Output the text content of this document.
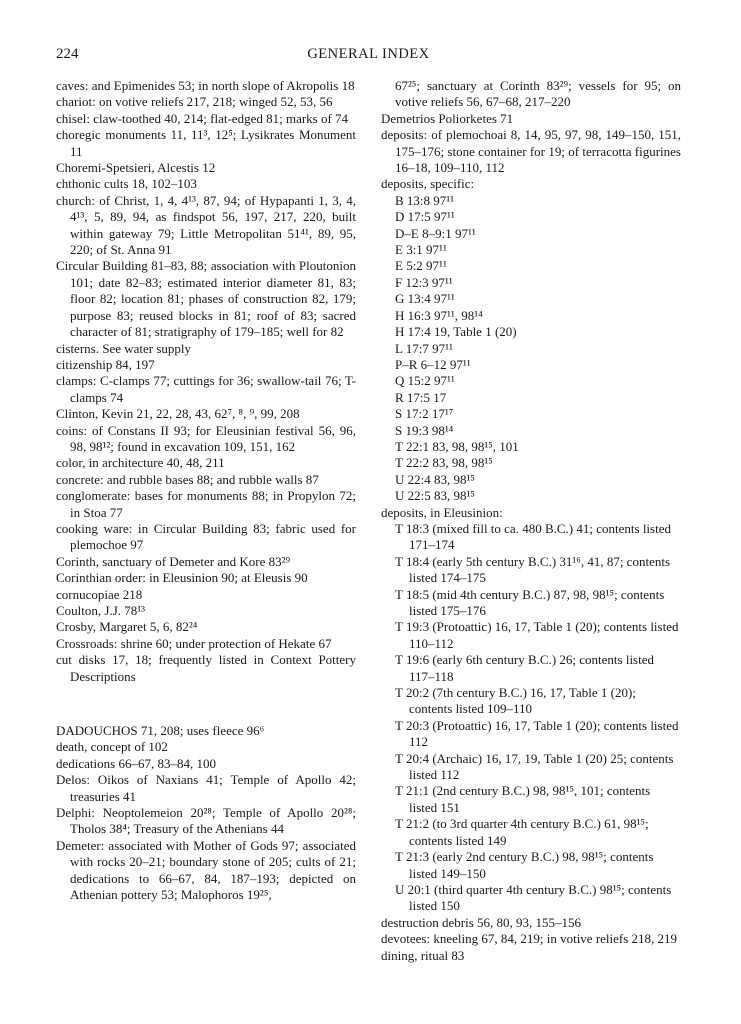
224	GENERAL INDEX

caves: and Epimenides 53; in north slope of Akropolis 18

chariot: on votive reliefs 217, 218; winged 52, 53, 56

chisel: claw-toothed 40, 214; flat-edged 81; marks of 74

choregic monuments 11, 11³, 12⁵; Lysikrates Monument 11

Choremi-Spetsieri, Alcestis 12

chthonic cults 18, 102–103

church: of Christ, 1, 4, 4¹³, 87, 94; of Hypapanti 1, 3, 4, 4¹³, 5, 89, 94, as findspot 56, 197, 217, 220, built within gateway 79; Little Metropolitan 51⁴¹, 89, 95, 220; of St. Anna 91

Circular Building 81–83, 88; association with Ploutonion 101; date 82–83; estimated interior diameter 81, 83; floor 82; location 81; phases of construction 82, 179; purpose 83; reused blocks in 81; roof of 83; sacred character of 81; stratigraphy of 179–185; well for 82

cisterns. See water supply

citizenship 84, 197

clamps: C-clamps 77; cuttings for 36; swallow-tail 76; T-clamps 74

Clinton, Kevin 21, 22, 28, 43, 62⁷, ⁸, ⁹, 99, 208

coins: of Constans II 93; for Eleusinian festival 56, 96, 98, 98¹²; found in excavation 109, 151, 162

color, in architecture 40, 48, 211

concrete: and rubble bases 88; and rubble walls 87

conglomerate: bases for monuments 88; in Propylon 72; in Stoa 77

cooking ware: in Circular Building 83; fabric used for plemochoe 97

Corinth, sanctuary of Demeter and Kore 83²⁹

Corinthian order: in Eleusinion 90; at Eleusis 90

cornucopiae 218

Coulton, J.J. 78¹³

Crosby, Margaret 5, 6, 82²⁴

Crossroads: shrine 60; under protection of Hekate 67

cut disks 17, 18; frequently listed in Context Pottery Descriptions

DADOUCHOS 71, 208; uses fleece 96⁶

death, concept of 102

dedications 66–67, 83–84, 100

Delos: Oikos of Naxians 41; Temple of Apollo 42; treasuries 41

Delphi: Neoptolemeion 20²⁸; Temple of Apollo 20²⁸; Tholos 38⁴; Treasury of the Athenians 44

Demeter: associated with Mother of Gods 97; associated with rocks 20–21; boundary stone of 205; cults of 21; dedications to 66–67, 84, 187–193; depicted on Athenian pottery 53; Malophoros 19²⁵,

67²⁵; sanctuary at Corinth 83²⁹; vessels for 95; on votive reliefs 56, 67–68, 217–220

Demetrios Poliorketes 71

deposits: of plemochoai 8, 14, 95, 97, 98, 149–150, 151, 175–176; stone container for 19; of terracotta figurines 16–18, 109–110, 112

deposits, specific:

B 13:8 97¹¹

D 17:5 97¹¹

D–E 8–9:1 97¹¹

E 3:1 97¹¹

E 5:2 97¹¹

F 12:3 97¹¹

G 13:4 97¹¹

H 16:3 97¹¹, 98¹⁴

H 17:4 19, Table 1 (20)

L 17:7 97¹¹

P–R 6–12 97¹¹

Q 15:2 97¹¹

R 17:5 17

S 17:2 17¹⁷

S 19:3 98¹⁴

T 22:1 83, 98, 98¹⁵, 101

T 22:2 83, 98, 98¹⁵

U 22:4 83, 98¹⁵

U 22:5 83, 98¹⁵

deposits, in Eleusinion:

T 18:3 (mixed fill to ca. 480 B.C.) 41; contents listed 171–174

T 18:4 (early 5th century B.C.) 31¹⁶, 41, 87; contents listed 174–175

T 18:5 (mid 4th century B.C.) 87, 98, 98¹⁵; contents listed 175–176

T 19:3 (Protoattic) 16, 17, Table 1 (20); contents listed 110–112

T 19:6 (early 6th century B.C.) 26; contents listed 117–118

T 20:2 (7th century B.C.) 16, 17, Table 1 (20); contents listed 109–110

T 20:3 (Protoattic) 16, 17, Table 1 (20); contents listed 112

T 20:4 (Archaic) 16, 17, 19, Table 1 (20) 25; contents listed 112

T 21:1 (2nd century B.C.) 98, 98¹⁵, 101; contents listed 151

T 21:2 (to 3rd quarter 4th century B.C.) 61, 98¹⁵; contents listed 149

T 21:3 (early 2nd century B.C.) 98, 98¹⁵; contents listed 149–150

U 20:1 (third quarter 4th century B.C.) 98¹⁵; contents listed 150

destruction debris 56, 80, 93, 155–156

devotees: kneeling 67, 84, 219; in votive reliefs 218, 219

dining, ritual 83
